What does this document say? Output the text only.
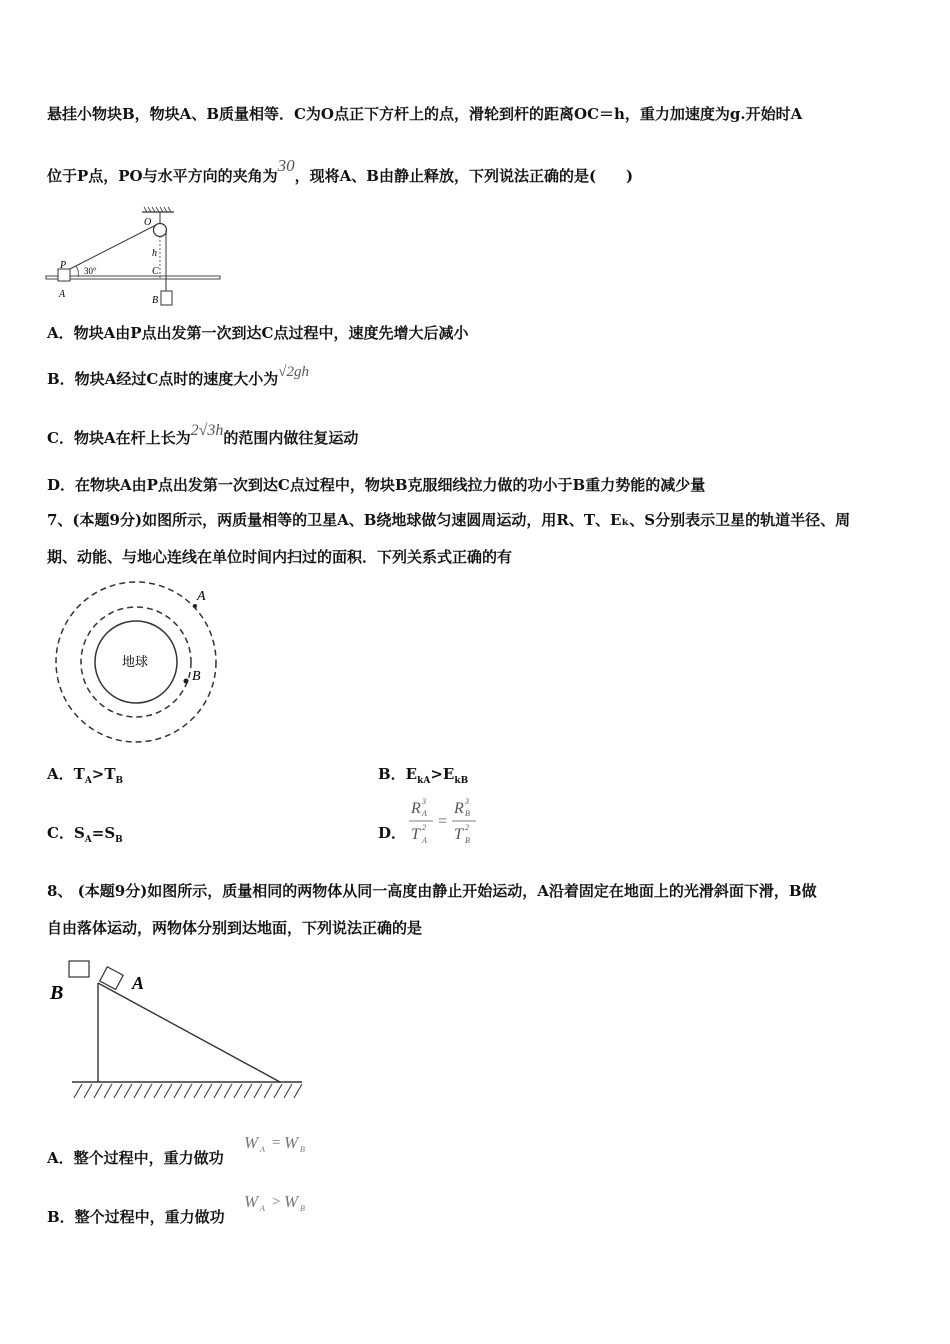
悬挂小物块B，物块A、B质量相等．C为O点正下方杆上的点，滑轮到杆的距离OC＝h，重力加速度为g.开始时A
位于P点，PO与水平方向的夹角为30，现将A、B由静止释放，下列说法正确的是(　　)
O
P
h
C
A
B
30°
A．物块A由P点出发第一次到达C点过程中，速度先增大后减小
B．物块A经过C点时的速度大小为√2gh
C．物块A在杆上长为2√3h的范围内做往复运动
D．在物块A由P点出发第一次到达C点过程中，物块B克服细线拉力做的功小于B重力势能的减少量
7、(本题9分)如图所示，两质量相等的卫星A、B绕地球做匀速圆周运动，用R、T、Eₖ、S分别表示卫星的轨道半径、周
期、动能、与地心连线在单位时间内扫过的面积．下列关系式正确的有
地球
A
B
A．$T_A>T_B$	B．$E_{kA}>E_{kB}$
C．$S_A=S_B$	D．
R 3
A
T 2
A
=
R 3
B
T 2
B
8、 (本题9分)如图所示，质量相同的两物体从同一高度由静止开始运动，A沿着固定在地面上的光滑斜面下滑，B做
自由落体运动，两物体分别到达地面，下列说法正确的是
B	A
A．整个过程中，重力做功
W A = W B
B．整个过程中，重力做功
W A > W B
